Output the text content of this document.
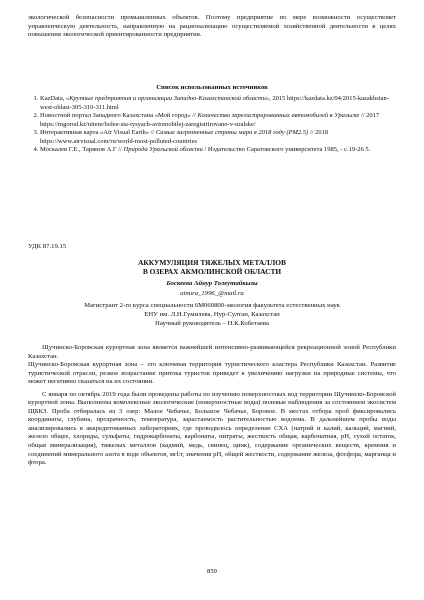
экологической безопасности промышленных объектов. Поэтому предприятие по мере возможности осуществляет управленческую деятельность, направленную на рационализацию осуществляемой хозяйственной деятельности в целях повышения экологической ориентированности предприятия.

Список использованных источников
1. KazData, «Крупные предприятия и организации Западно-Казахстанской области», 2015 https://kazdata.kz/04/2015-kazakhstan-west-oblast-305-310-311.html
2. Новостной портал Западного Казахстана «Мой город» // Количество зарегистрированных автомобилей в Уральске // 2017 https://mgorod.kz/nitem/bolee-sta-tysyach-avtomobilej-zaregistrirovano-v-uralske/
3. Интерактивная карта «Air Visual Earth» // Самые загрязненные страны мира в 2018 году (PM2.5) // 2018 https://www.airvisual.com/ru/world-most-polluted-countries
4. Москалев Г.Е., Тарянов А.Г // Природа Уральской области / Издательство Саратовского университета 1985, - с.19-26 5.
УДК 87.19.15
АККУМУЛЯЦИЯ ТЯЖЕЛЫХ МЕТАЛЛОВ
В ОЗЕРАХ АКМОЛИНСКОЙ ОБЛАСТИ
Боскеева Айнур Толеутайкызы
ainura_1996_@mail.ru
Магистрант 2-го курса специальности 6М060800-экология факультета естественных наук
ЕНУ им. Л.Н.Гумилева, Нур-Султан, Казахстан
Научный руководитель – Н.К.Кобетаева

Щучинско-Боровская курортная зона является важнейшей интенсивно-развивающейся рекреационной зоной Республики Казахстан.

Щучинско-Боровская курортная зона – это ключевая территория туристического кластера Республики Казахстан. Развитие туристической отрасли, резкое возрастание притока туристов приведет к увеличению нагрузки на природные системы, что может негативно сказаться на их состоянии.

С января по октябрь 2019 года были проведены работы по изучению поверхностных вод территории Щучинско-Боровской курортной зоны. Выполнены комплексные экологические (поверхностные воды) полевые наблюдения за состоянием экосистем ЩБКЗ. Проба отбиралась из 3 озер: Малое Чебачье, Большое Чебачье, Боровое. В местах отбора проб фиксировались координаты, глубина, прозрачность, температура, зарастаемость растительностью водоема. В дальнейшем пробы воды анализировались в аккредитованных лабораториях, где проводилось определение СХА (натрий и калий, кальций, магний, железо общее, хлориды, сульфаты, гидрокарбонаты, карбонаты, нитраты, жесткость общая, карбонатная, pH, сухой остаток, общая минерализация), тяжелых металлов (кадмий, медь, свинец, цинк), содержание органических веществ, кремния и соединений минерального азота в воде объектов, мгl/г, значения pH, общей жесткости, содержание железа, фосфора, марганца и фтора.

859
